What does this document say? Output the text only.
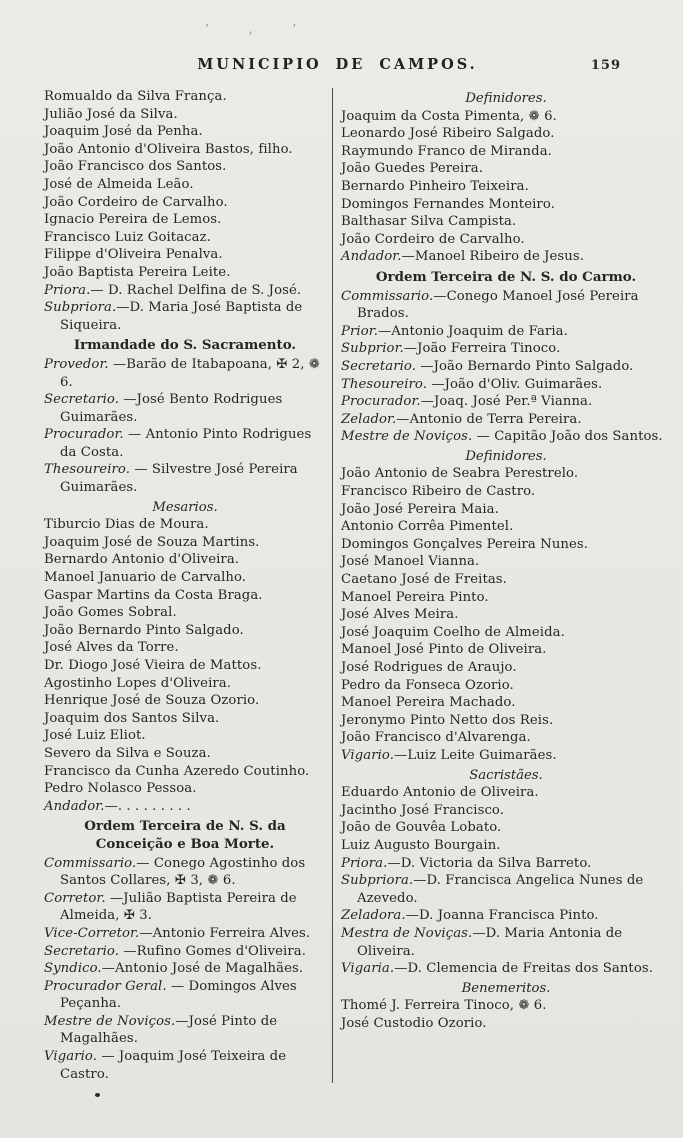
’ , ’
MUNICIPIO DE CAMPOS.	159
Romualdo da Silva França.
Julião José da Silva.
Joaquim José da Penha.
João Antonio d'Oliveira Bastos, filho.
João Francisco dos Santos.
José de Almeida Leão.
João Cordeiro de Carvalho.
Ignacio Pereira de Lemos.
Francisco Luiz Goitacaz.
Filippe d'Oliveira Penalva.
João Baptista Pereira Leite.
Priora.— D. Rachel Delfina de S. José.
Subpriora.—D. Maria José Baptista de Siqueira.
Irmandade do S. Sacramento.
Provedor. —Barão de Itabapoana, ✠ 2, ❁ 6.
Secretario. —José Bento Rodrigues Guimarães.
Procurador. — Antonio Pinto Rodrigues da Costa.
Thesoureiro. — Silvestre José Pereira Guimarães.
Mesarios.
Tiburcio Dias de Moura.
Joaquim José de Souza Martins.
Bernardo Antonio d'Oliveira.
Manoel Januario de Carvalho.
Gaspar Martins da Costa Braga.
João Gomes Sobral.
João Bernardo Pinto Salgado.
José Alves da Torre.
Dr. Diogo José Vieira de Mattos.
Agostinho Lopes d'Oliveira.
Henrique José de Souza Ozorio.
Joaquim dos Santos Silva.
José Luiz Eliot.
Severo da Silva e Souza.
Francisco da Cunha Azeredo Coutinho.
Pedro Nolasco Pessoa.
Andador.—. . . . . . . . .
Ordem Terceira de N. S. da Conceição e Boa Morte.
Commissario.— Conego Agostinho dos Santos Collares, ✠ 3, ❁ 6.
Corretor. —Julião Baptista Pereira de Almeida, ✠ 3.
Vice-Corretor.—Antonio Ferreira Alves.
Secretario. —Rufino Gomes d'Oliveira.
Syndico.—Antonio José de Magalhães.
Procurador Geral. — Domingos Alves Peçanha.
Mestre de Noviços.—José Pinto de Magalhães.
Vigario. — Joaquim José Teixeira de Castro.
Definidores.
Joaquim da Costa Pimenta, ❁ 6.
Leonardo José Ribeiro Salgado.
Raymundo Franco de Miranda.
João Guedes Pereira.
Bernardo Pinheiro Teixeira.
Domingos Fernandes Monteiro.
Balthasar Silva Campista.
João Cordeiro de Carvalho.
Andador.—Manoel Ribeiro de Jesus.
Ordem Terceira de N. S. do Carmo.
Commissario.—Conego Manoel José Pereira Brados.
Prior.—Antonio Joaquim de Faria.
Subprior.—João Ferreira Tinoco.
Secretario. —João Bernardo Pinto Salgado.
Thesoureiro. —João d'Oliv. Guimarães.
Procurador.—Joaq. José Per.ª Vianna.
Zelador.—Antonio de Terra Pereira.
Mestre de Noviços. — Capitão João dos Santos.
Definidores.
João Antonio de Seabra Perestrelo.
Francisco Ribeiro de Castro.
João José Pereira Maia.
Antonio Corrêa Pimentel.
Domingos Gonçalves Pereira Nunes.
José Manoel Vianna.
Caetano José de Freitas.
Manoel Pereira Pinto.
José Alves Meira.
José Joaquim Coelho de Almeida.
Manoel José Pinto de Oliveira.
José Rodrigues de Araujo.
Pedro da Fonseca Ozorio.
Manoel Pereira Machado.
Jeronymo Pinto Netto dos Reis.
João Francisco d'Alvarenga.
Vigario.—Luiz Leite Guimarães.
Sacristães.
Eduardo Antonio de Oliveira.
Jacintho José Francisco.
João de Gouvêa Lobato.
Luiz Augusto Bourgain.
Priora.—D. Victoria da Silva Barreto.
Subpriora.—D. Francisca Angelica Nunes de Azevedo.
Zeladora.—D. Joanna Francisca Pinto.
Mestra de Noviças.—D. Maria Antonia de Oliveira.
Vigaria.—D. Clemencia de Freitas dos Santos.
Benemeritos.
Thomé J. Ferreira Tinoco, ❁ 6.
José Custodio Ozorio.
